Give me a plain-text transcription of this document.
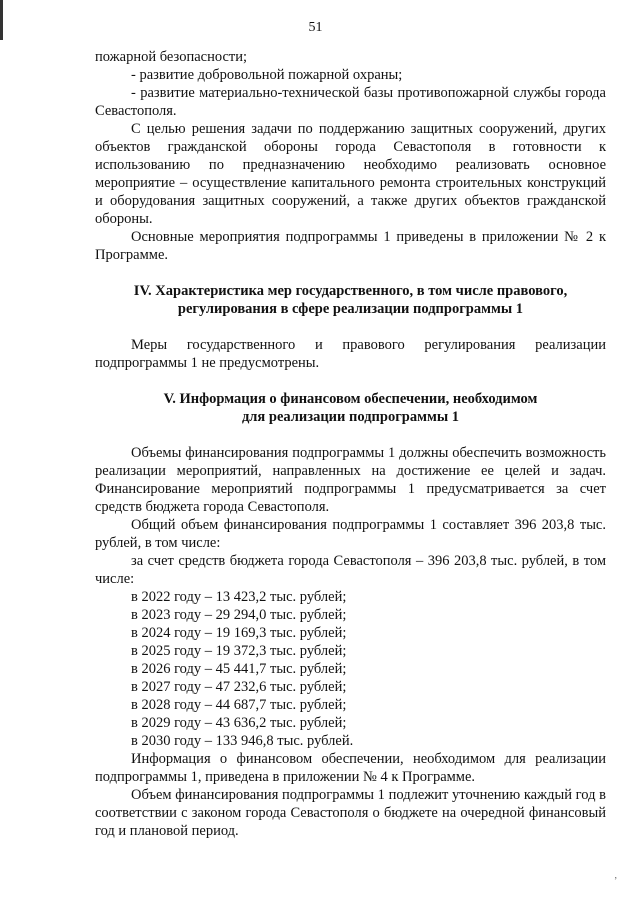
51

пожарной безопасности;

- развитие добровольной пожарной охраны;

- развитие материально-технической базы противопожарной службы города Севастополя.

С целью решения задачи по поддержанию защитных сооружений, других объектов гражданской обороны города Севастополя в готовности к использованию по предназначению необходимо реализовать основное мероприятие – осуществление капитального ремонта строительных конструкций и оборудования защитных сооружений, а также других объектов гражданской обороны.

Основные мероприятия подпрограммы 1 приведены в приложении № 2 к Программе.

IV. Характеристика мер государственного, в том числе правового,
регулирования в сфере реализации подпрограммы 1

Меры государственного и правового регулирования реализации подпрограммы 1 не предусмотрены.

V. Информация о финансовом обеспечении, необходимом
для реализации подпрограммы 1

Объемы финансирования подпрограммы 1 должны обеспечить возможность реализации мероприятий, направленных на достижение ее целей и задач. Финансирование мероприятий подпрограммы 1 предусматривается за счет средств бюджета города Севастополя.

Общий объем финансирования подпрограммы 1 составляет 396 203,8 тыс. рублей, в том числе:

за счет средств бюджета города Севастополя – 396 203,8 тыс. рублей, в том числе:

в 2022 году – 13 423,2 тыс. рублей;

в 2023 году – 29 294,0 тыс. рублей;

в 2024 году – 19 169,3 тыс. рублей;

в 2025 году – 19 372,3 тыс. рублей;

в 2026 году – 45 441,7 тыс. рублей;

в 2027 году – 47 232,6 тыс. рублей;

в 2028 году – 44 687,7 тыс. рублей;

в 2029 году – 43 636,2 тыс. рублей;

в 2030 году – 133 946,8 тыс. рублей.

Информация о финансовом обеспечении, необходимом для реализации подпрограммы 1, приведена в приложении № 4 к Программе.

Объем финансирования подпрограммы 1 подлежит уточнению каждый год в соответствии с законом города Севастополя о бюджете на очередной финансовый год и плановой период.

,
